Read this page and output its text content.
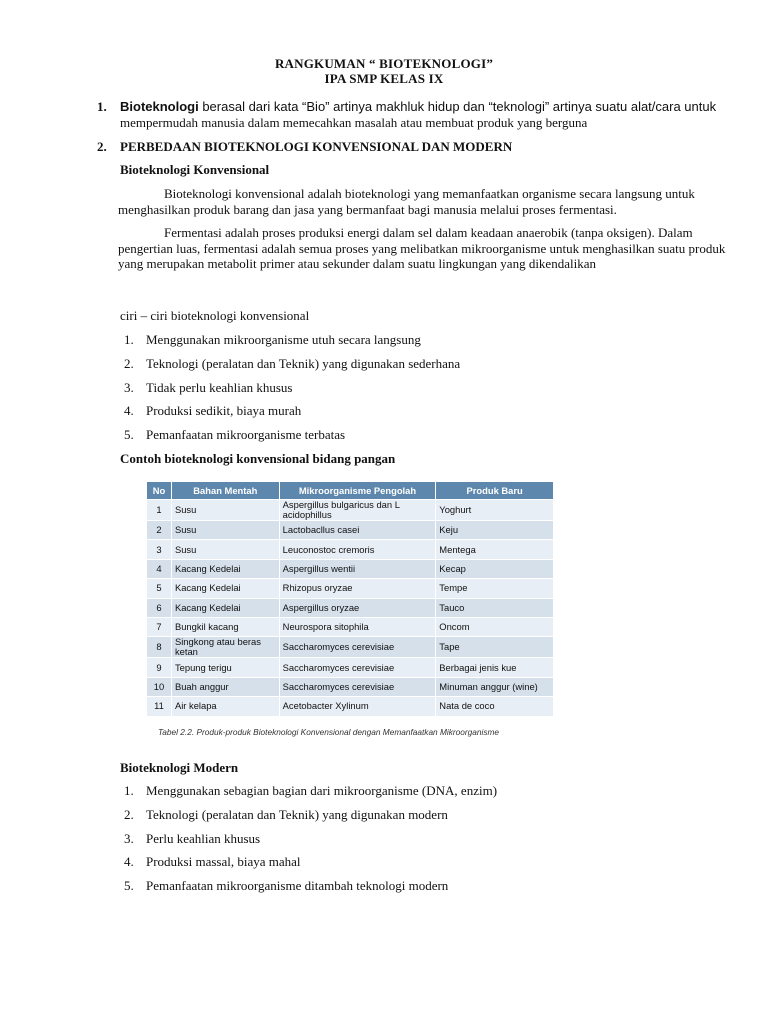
RANGKUMAN “ BIOTEKNOLOGI”
IPA SMP KELAS IX
1. Bioteknologi berasal dari kata “Bio” artinya makhluk hidup dan “teknologi” artinya suatu alat/cara untuk
mempermudah manusia dalam memecahkan masalah atau membuat produk yang berguna
2. PERBEDAAN BIOTEKNOLOGI KONVENSIONAL DAN MODERN
Bioteknologi Konvensional
Bioteknologi konvensional adalah bioteknologi yang memanfaatkan organisme secara langsung untuk menghasilkan produk barang dan jasa yang bermanfaat bagi manusia melalui proses fermentasi.
Fermentasi adalah proses produksi energi dalam sel dalam keadaan anaerobik (tanpa oksigen). Dalam pengertian luas, fermentasi adalah semua proses yang melibatkan mikroorganisme untuk menghasilkan suatu produk yang merupakan metabolit primer atau sekunder dalam suatu lingkungan yang dikendalikan
ciri – ciri bioteknologi konvensional
1. Menggunakan mikroorganisme utuh secara langsung
2. Teknologi (peralatan dan Teknik) yang digunakan sederhana
3. Tidak perlu keahlian khusus
4. Produksi sedikit, biaya murah
5. Pemanfaatan mikroorganisme terbatas
Contoh bioteknologi konvensional bidang pangan
No	Bahan Mentah	Mikroorganisme Pengolah	Produk Baru
1	Susu	Aspergillus bulgaricus dan L acidophillus	Yoghurt
2	Susu	Lactobacllus casei	Keju
3	Susu	Leuconostoc cremoris	Mentega
4	Kacang Kedelai	Aspergillus wentii	Kecap
5	Kacang Kedelai	Rhizopus oryzae	Tempe
6	Kacang Kedelai	Aspergillus oryzae	Tauco
7	Bungkil kacang	Neurospora sitophila	Oncom
8	Singkong atau beras ketan	Saccharomyces cerevisiae	Tape
9	Tepung terigu	Saccharomyces cerevisiae	Berbagai jenis kue
10	Buah anggur	Saccharomyces cerevisiae	Minuman anggur (wine)
11	Air kelapa	Acetobacter Xylinum	Nata de coco
Tabel 2.2. Produk-produk Bioteknologi Konvensional dengan Memanfaatkan Mikroorganisme
Bioteknologi Modern
1. Menggunakan sebagian bagian dari mikroorganisme (DNA, enzim)
2. Teknologi (peralatan dan Teknik) yang digunakan modern
3. Perlu keahlian khusus
4. Produksi massal, biaya mahal
5. Pemanfaatan mikroorganisme ditambah teknologi modern
